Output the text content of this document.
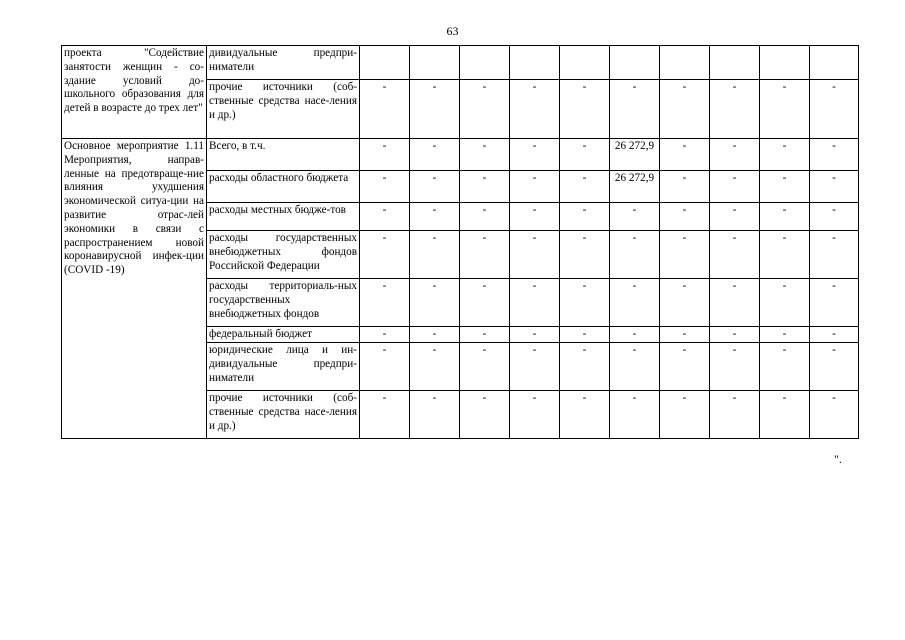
63
проекта "Содействие занятости женщин - со-здание условий до-школьного образования для детей в возрасте до трех лет"	дивидуальные предпри-ниматели										
	прочие источники (соб-ственные средства насе-ления и др.)	-	-	-	-	-	-	-	-	-	-
Основное мероприятие 1.11 Мероприятия, направ-ленные на предотвраще-ние влияния ухудшения экономической ситуа-ции на развитие отрас-лей экономики в связи с распространением новой коронавирусной инфек-ции (COVID -19)	Всего, в т.ч.	-	-	-	-	-	26 272,9	-	-	-	-
	расходы областного бюджета	-	-	-	-	-	26 272,9	-	-	-	-
	расходы местных бюдже-тов	-	-	-	-	-	-	-	-	-	-
	расходы государственных внебюджетных фондов Российской Федерации	-	-	-	-	-	-	-	-	-	-
	расходы территориаль-ных государственных внебюджетных фондов	-	-	-	-	-	-	-	-	-	-
	федеральный бюджет	-	-	-	-	-	-	-	-	-	-
	юридические лица и ин-дивидуальные предпри-ниматели	-	-	-	-	-	-	-	-	-	-
	прочие источники (соб-ственные средства насе-ления и др.)	-	-	-	-	-	-	-	-	-	-
".
